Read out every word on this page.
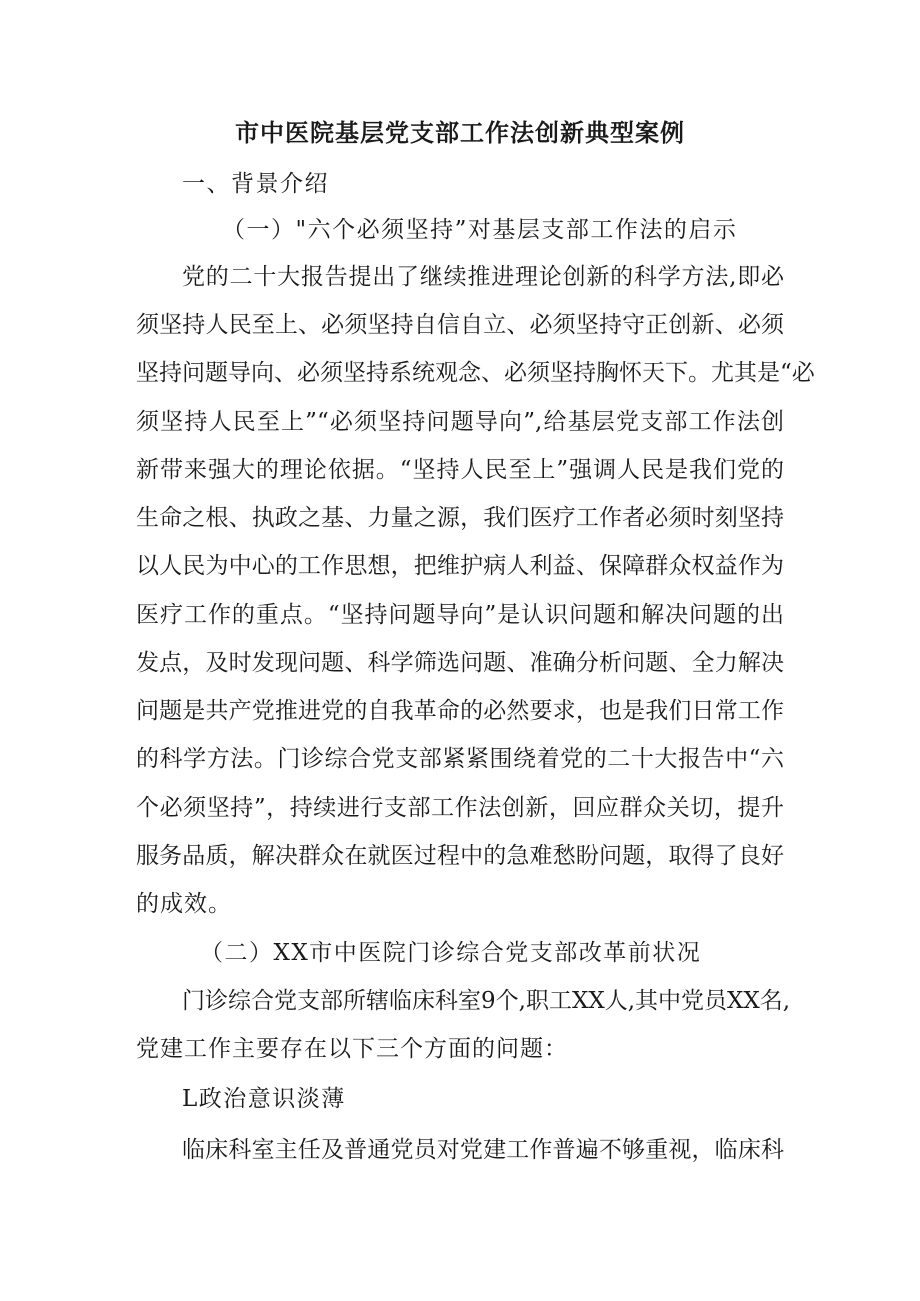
市中医院基层党支部工作法创新典型案例
一、背景介绍
（一）"六个必须坚持”对基层支部工作法的启示
党的二十大报告提出了继续推进理论创新的科学方法,即必
须坚持人民至上、必须坚持自信自立、必须坚持守正创新、必须
坚持问题导向、必须坚持系统观念、必须坚持胸怀天下。尤其是“必
须坚持人民至上”“必须坚持问题导向”,给基层党支部工作法创
新带来强大的理论依据。“坚持人民至上”强调人民是我们党的
生命之根、执政之基、力量之源，我们医疗工作者必须时刻坚持
以人民为中心的工作思想，把维护病人利益、保障群众权益作为
医疗工作的重点。“坚持问题导向”是认识问题和解决问题的出
发点，及时发现问题、科学筛选问题、准确分析问题、全力解决
问题是共产党推进党的自我革命的必然要求，也是我们日常工作
的科学方法。门诊综合党支部紧紧围绕着党的二十大报告中“六
个必须坚持”，持续进行支部工作法创新，回应群众关切，提升
服务品质，解决群众在就医过程中的急难愁盼问题，取得了良好
的成效。
（二）XX市中医院门诊综合党支部改革前状况
门诊综合党支部所辖临床科室9个,职工XX人,其中党员XX名,
党建工作主要存在以下三个方面的问题：
L政治意识淡薄
临床科室主任及普通党员对党建工作普遍不够重视，临床科
